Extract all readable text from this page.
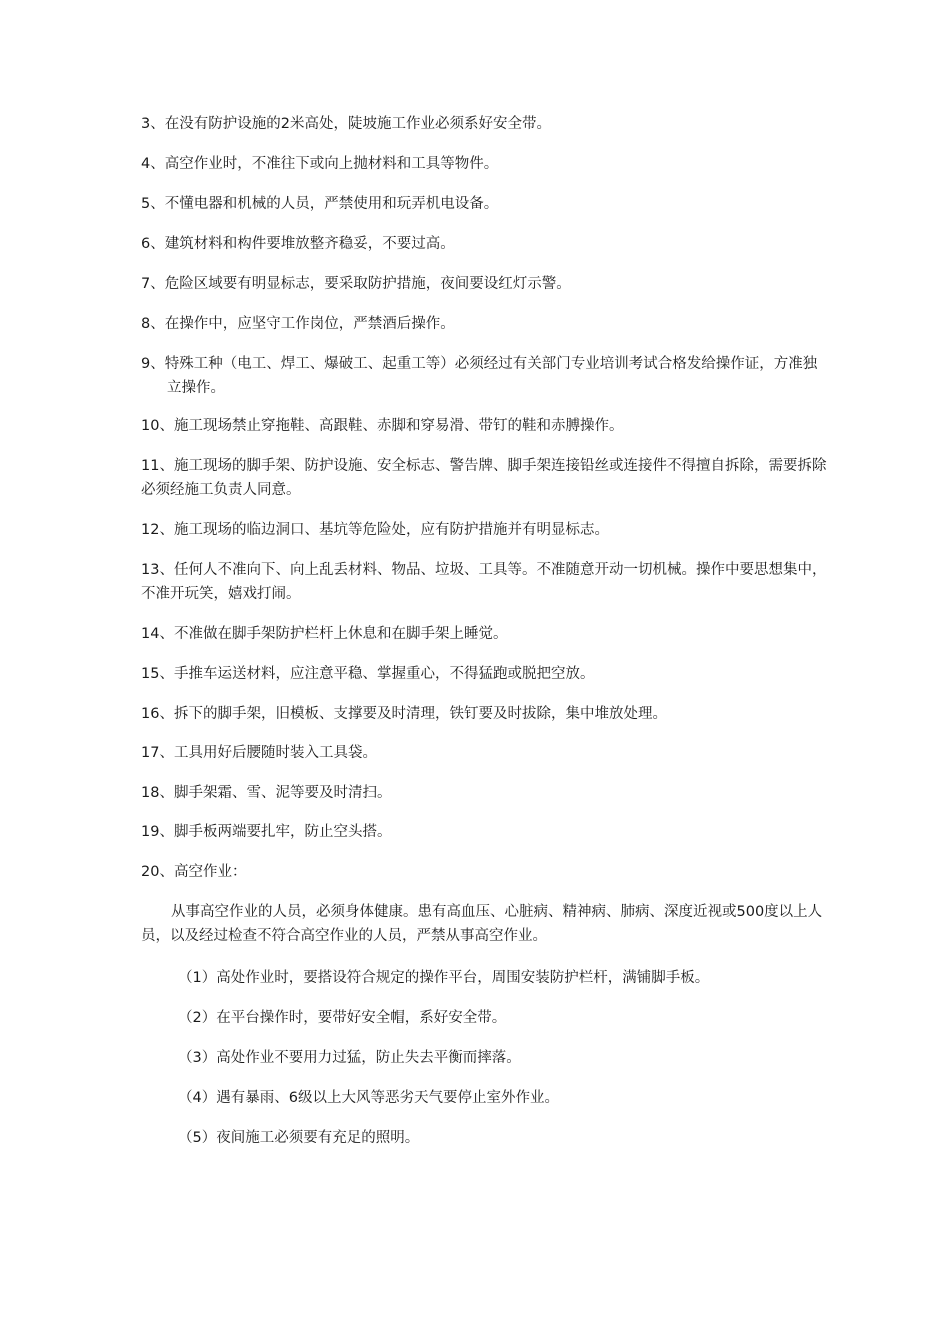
3、在没有防护设施的2米高处，陡坡施工作业必须系好安全带。
4、高空作业时，不准往下或向上抛材料和工具等物件。
5、不懂电器和机械的人员，严禁使用和玩弄机电设备。
6、建筑材料和构件要堆放整齐稳妥，不要过高。
7、危险区域要有明显标志，要采取防护措施，夜间要设红灯示警。
8、在操作中，应坚守工作岗位，严禁酒后操作。
9、特殊工种（电工、焊工、爆破工、起重工等）必须经过有关部门专业培训考试合格发给操作证，方准独立操作。
10、施工现场禁止穿拖鞋、高跟鞋、赤脚和穿易滑、带钉的鞋和赤膊操作。
11、施工现场的脚手架、防护设施、安全标志、警告牌、脚手架连接铅丝或连接件不得擅自拆除，需要拆除必须经施工负责人同意。
12、施工现场的临边洞口、基坑等危险处，应有防护措施并有明显标志。
13、任何人不准向下、向上乱丢材料、物品、垃圾、工具等。不准随意开动一切机械。操作中要思想集中，不准开玩笑，嬉戏打闹。
14、不准做在脚手架防护栏杆上休息和在脚手架上睡觉。
15、手推车运送材料，应注意平稳、掌握重心，不得猛跑或脱把空放。
16、拆下的脚手架，旧模板、支撑要及时清理，铁钉要及时拔除，集中堆放处理。
17、工具用好后腰随时装入工具袋。
18、脚手架霜、雪、泥等要及时清扫。
19、脚手板两端要扎牢，防止空头搭。
20、高空作业：
从事高空作业的人员，必须身体健康。患有高血压、心脏病、精神病、肺病、深度近视或500度以上人员，以及经过检查不符合高空作业的人员，严禁从事高空作业。
（1）高处作业时，要搭设符合规定的操作平台，周围安装防护栏杆，满铺脚手板。
（2）在平台操作时，要带好安全帽，系好安全带。
（3）高处作业不要用力过猛，防止失去平衡而摔落。
（4）遇有暴雨、6级以上大风等恶劣天气要停止室外作业。
（5）夜间施工必须要有充足的照明。
